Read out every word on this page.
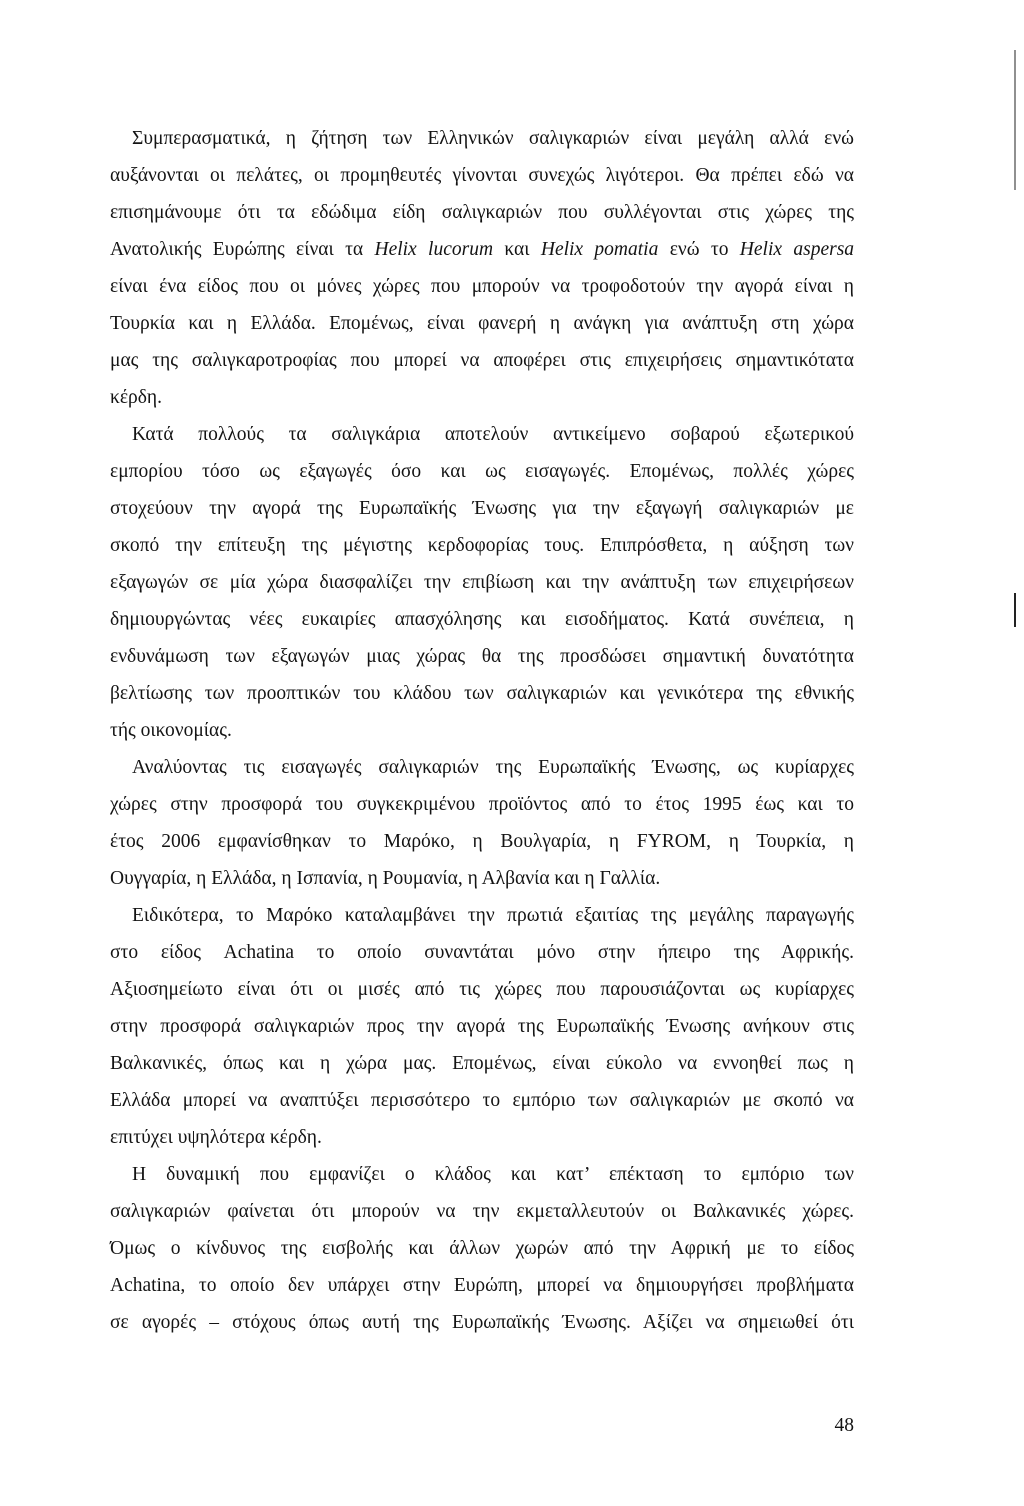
Συμπερασματικά, η ζήτηση των Ελληνικών σαλιγκαριών είναι μεγάλη αλλά ενώ
αυξάνονται οι πελάτες, οι προμηθευτές γίνονται συνεχώς λιγότεροι. Θα πρέπει εδώ να
επισημάνουμε ότι τα εδώδιμα είδη σαλιγκαριών που συλλέγονται στις χώρες της
Ανατολικής Ευρώπης είναι τα Helix lucorum και Helix pomatia ενώ το Helix aspersa
είναι ένα είδος που οι μόνες χώρες που μπορούν να τροφοδοτούν την αγορά είναι η
Τουρκία και η Ελλάδα. Επομένως, είναι φανερή η ανάγκη για ανάπτυξη στη χώρα
μας της σαλιγκαροτροφίας που μπορεί να αποφέρει στις επιχειρήσεις σημαντικότατα
κέρδη.
Κατά πολλούς τα σαλιγκάρια αποτελούν αντικείμενο σοβαρού εξωτερικού
εμπορίου τόσο ως εξαγωγές όσο και ως εισαγωγές. Επομένως, πολλές χώρες
στοχεύουν την αγορά της Ευρωπαϊκής Ένωσης για την εξαγωγή σαλιγκαριών με
σκοπό την επίτευξη της μέγιστης κερδοφορίας τους. Επιπρόσθετα, η αύξηση των
εξαγωγών σε μία χώρα διασφαλίζει την επιβίωση και την ανάπτυξη των επιχειρήσεων
δημιουργώντας νέες ευκαιρίες απασχόλησης και εισοδήματος. Κατά συνέπεια, η
ενδυνάμωση των εξαγωγών μιας χώρας θα της προσδώσει σημαντική δυνατότητα
βελτίωσης των προοπτικών του κλάδου των σαλιγκαριών και γενικότερα της εθνικής
τής οικονομίας.
Αναλύοντας τις εισαγωγές σαλιγκαριών της Ευρωπαϊκής Ένωσης, ως κυρίαρχες
χώρες στην προσφορά του συγκεκριμένου προϊόντος από το έτος 1995 έως και το
έτος 2006 εμφανίσθηκαν το Μαρόκο, η Βουλγαρία, η FYROM, η Τουρκία, η
Ουγγαρία, η Ελλάδα, η Ισπανία, η Ρουμανία, η Αλβανία και η Γαλλία.
Ειδικότερα, το Μαρόκο καταλαμβάνει την πρωτιά εξαιτίας της μεγάλης παραγωγής
στο είδος Achatina το οποίο συναντάται μόνο στην ήπειρο της Αφρικής.
Αξιοσημείωτο είναι ότι οι μισές από τις χώρες που παρουσιάζονται ως κυρίαρχες
στην προσφορά σαλιγκαριών προς την αγορά της Ευρωπαϊκής Ένωσης ανήκουν στις
Βαλκανικές, όπως και η χώρα μας. Επομένως, είναι εύκολο να εννοηθεί πως η
Ελλάδα μπορεί να αναπτύξει περισσότερο το εμπόριο των σαλιγκαριών με σκοπό να
επιτύχει υψηλότερα κέρδη.
Η δυναμική που εμφανίζει ο κλάδος και κατ’ επέκταση το εμπόριο των
σαλιγκαριών φαίνεται ότι μπορούν να την εκμεταλλευτούν οι Βαλκανικές χώρες.
Όμως ο κίνδυνος της εισβολής και άλλων χωρών από την Αφρική με το είδος
Achatina, το οποίο δεν υπάρχει στην Ευρώπη, μπορεί να δημιουργήσει προβλήματα
σε αγορές – στόχους όπως αυτή της Ευρωπαϊκής Ένωσης. Αξίζει να σημειωθεί ότι
48
